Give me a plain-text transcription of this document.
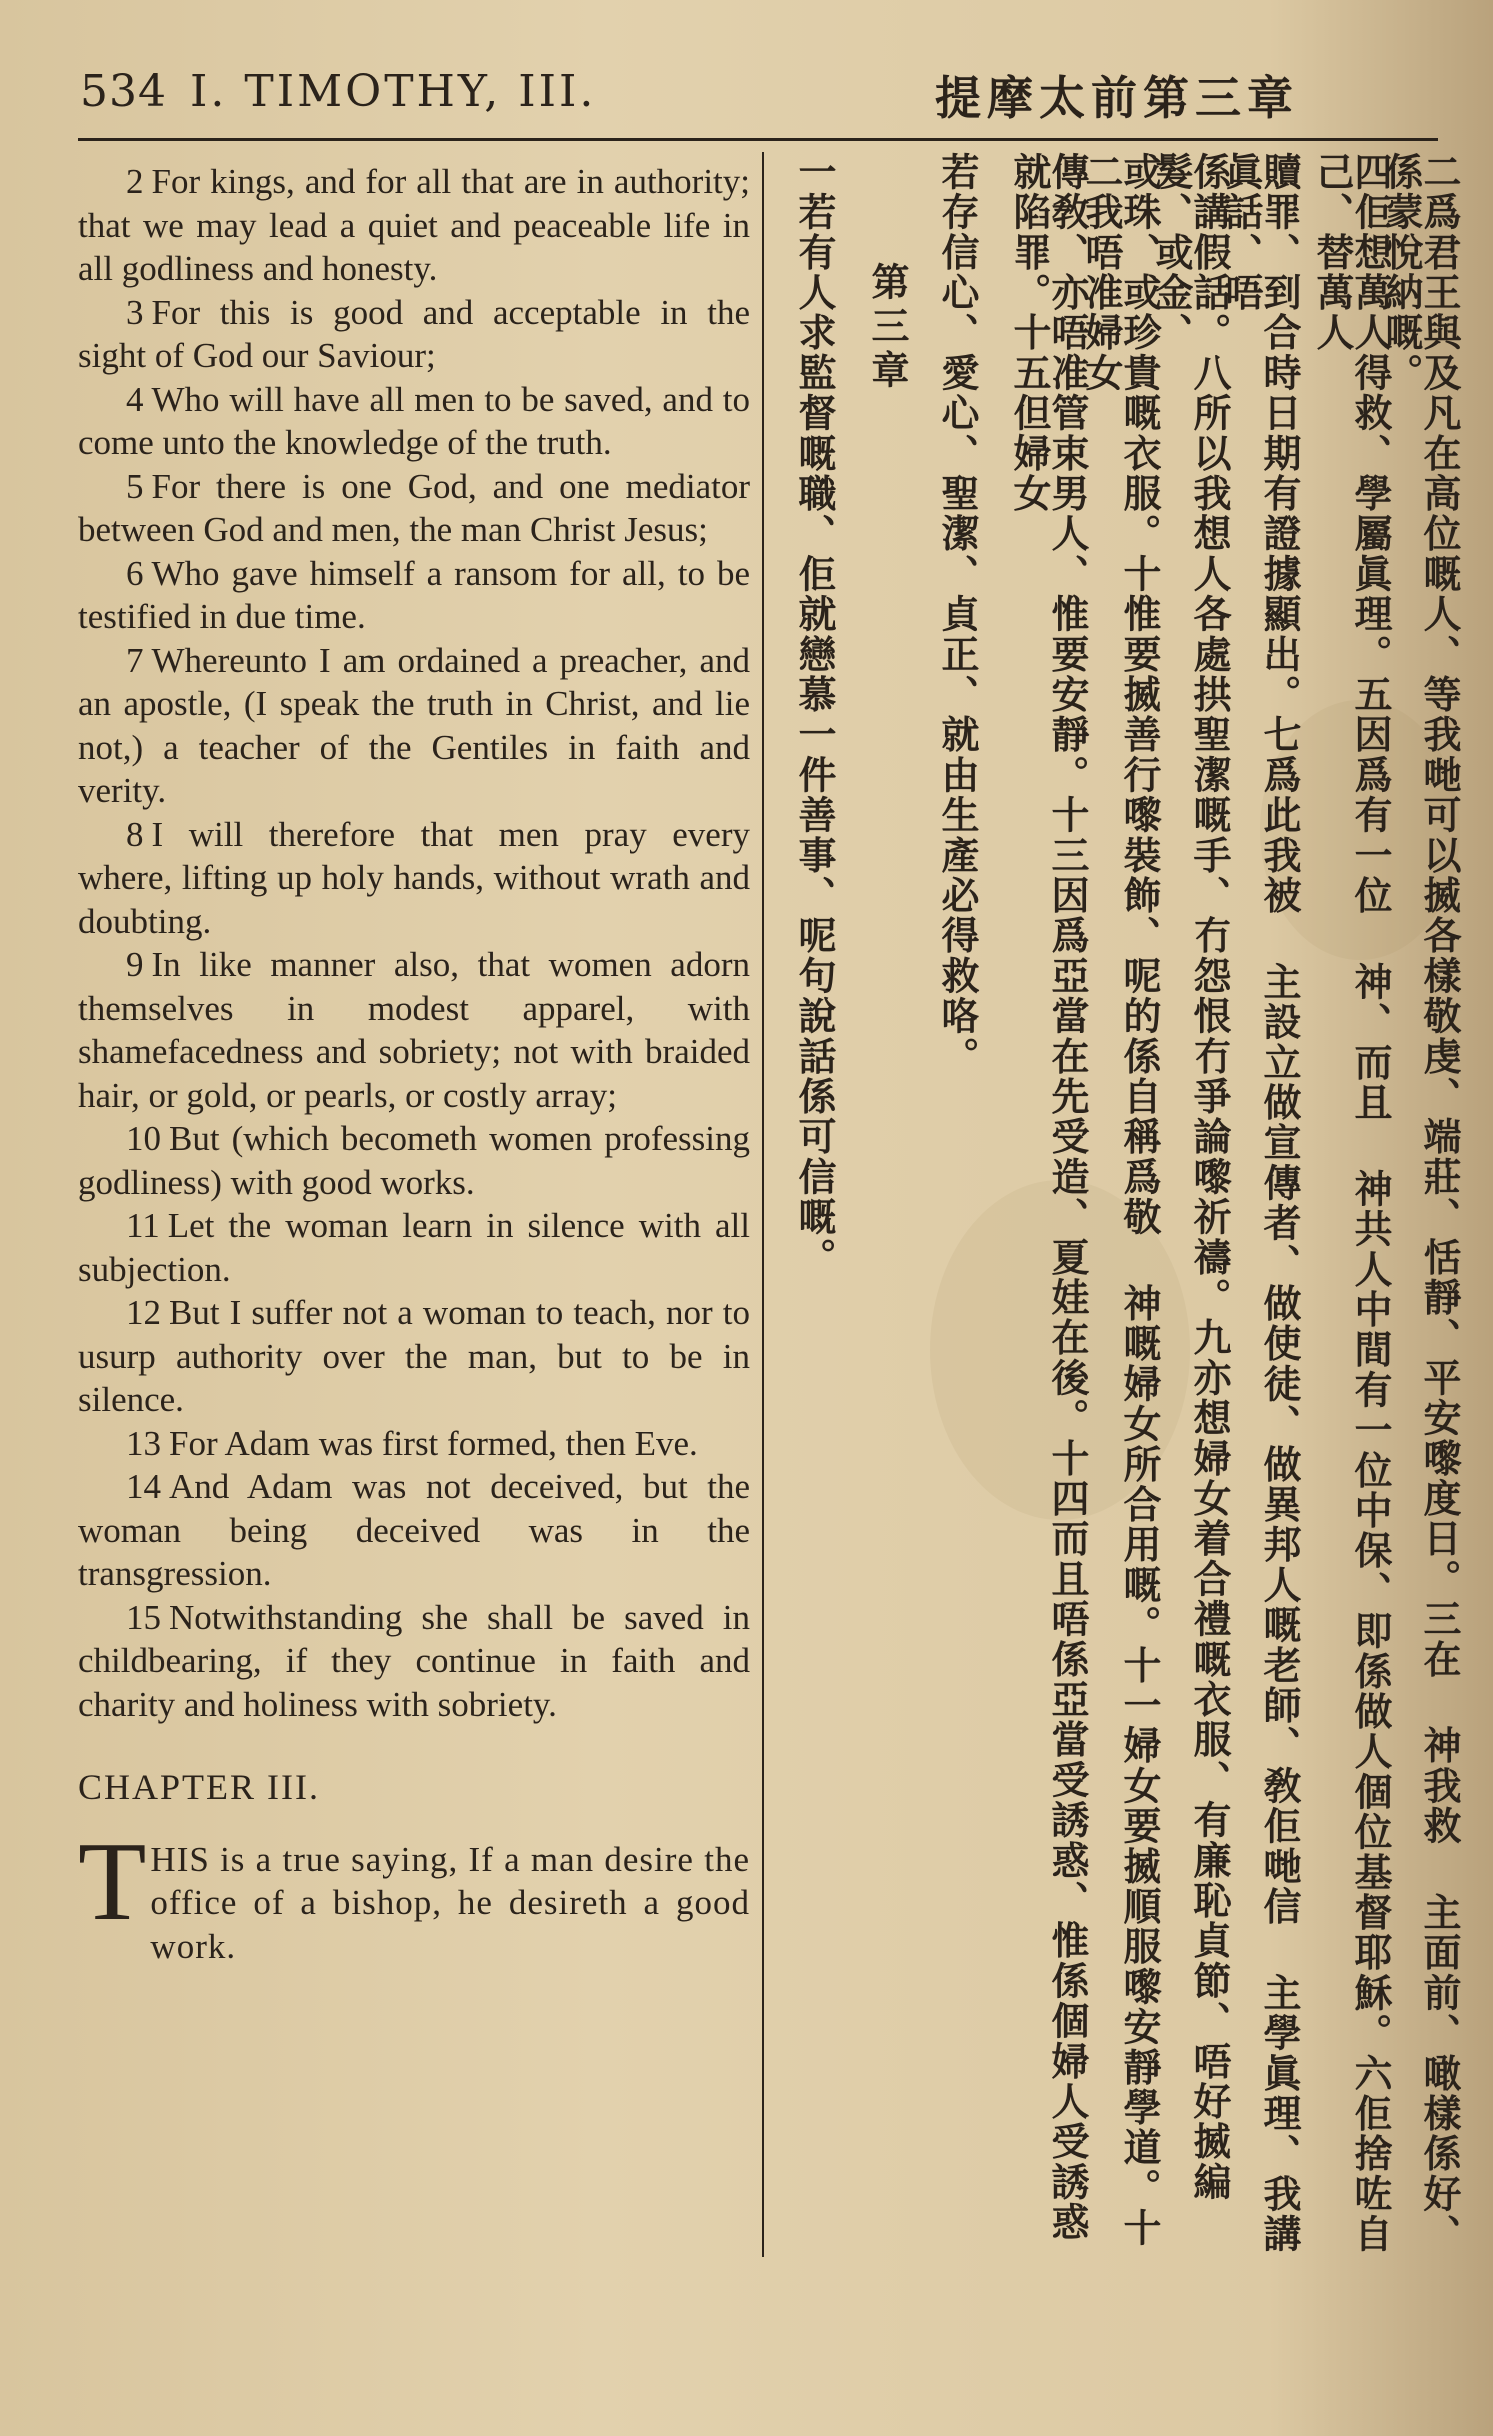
534 I. TIMOTHY, III.	提摩太前第三章
2 For kings, and for all that are in authority; that we may lead a quiet and peaceable life in all godliness and honesty.
3 For this is good and acceptable in the sight of God our Saviour;
4 Who will have all men to be saved, and to come unto the knowledge of the truth.
5 For there is one God, and one mediator between God and men, the man Christ Jesus;
6 Who gave himself a ransom for all, to be testified in due time.
7 Whereunto I am ordained a preacher, and an apostle, (I speak the truth in Christ, and lie not,) a teacher of the Gentiles in faith and verity.
8 I will therefore that men pray every where, lifting up holy hands, without wrath and doubting.
9 In like manner also, that women adorn themselves in modest apparel, with shamefacedness and sobriety; not with braided hair, or gold, or pearls, or costly array;
10 But (which becometh women professing godliness) with good works.
11 Let the woman learn in silence with all subjection.
12 But I suffer not a woman to teach, nor to usurp authority over the man, but to be in silence.
13 For Adam was first formed, then Eve.
14 And Adam was not deceived, but the woman being deceived was in the transgression.
15 Notwithstanding she shall be saved in childbearing, if they continue in faith and charity and holiness with sobriety.
CHAPTER III.
THIS is a true saying, If a man desire the office of a bishop, he desireth a good work.	二爲君王與及凡在高位嘅人、等我哋可以揻各樣敬虔、端莊、恬靜、平安嚟度日。三在 神我救 主面前、噉樣係好、係蒙悅納嘅。
四佢想萬人得救、學屬眞理。五因爲有一位 神、而且 神共人中間有一位中保、即係做人個位基督耶穌。六佢捨咗自己、替萬人
贖罪、到合時日期有證據顯出。七爲此我被 主設立做宣傳者、做使徒、做異邦人嘅老師、敎佢哋信 主學眞理、我講眞話、唔
係講假話。八所以我想人各處拱聖潔嘅手、冇怨恨冇爭論嚟祈禱。九亦想婦女着合禮嘅衣服、有廉恥貞節、唔好揻編髮、或金、
或珠、或珍貴嘅衣服。十惟要揻善行嚟裝飾、呢的係自稱爲敬 神嘅婦女所合用嘅。十一婦女要揻順服嚟安靜學道。十二我唔准婦女
傳敎、亦唔准管束男人、惟要安靜。十三因爲亞當在先受造、夏娃在後。十四而且唔係亞當受誘惑、惟係個婦人受誘惑就陷罪。十五但婦女
若存信心、愛心、聖潔、貞正、就由生產必得救咯。
第三章
一若有人求監督嘅職、佢就戀慕一件善事、呢句說話係可信嘅。
